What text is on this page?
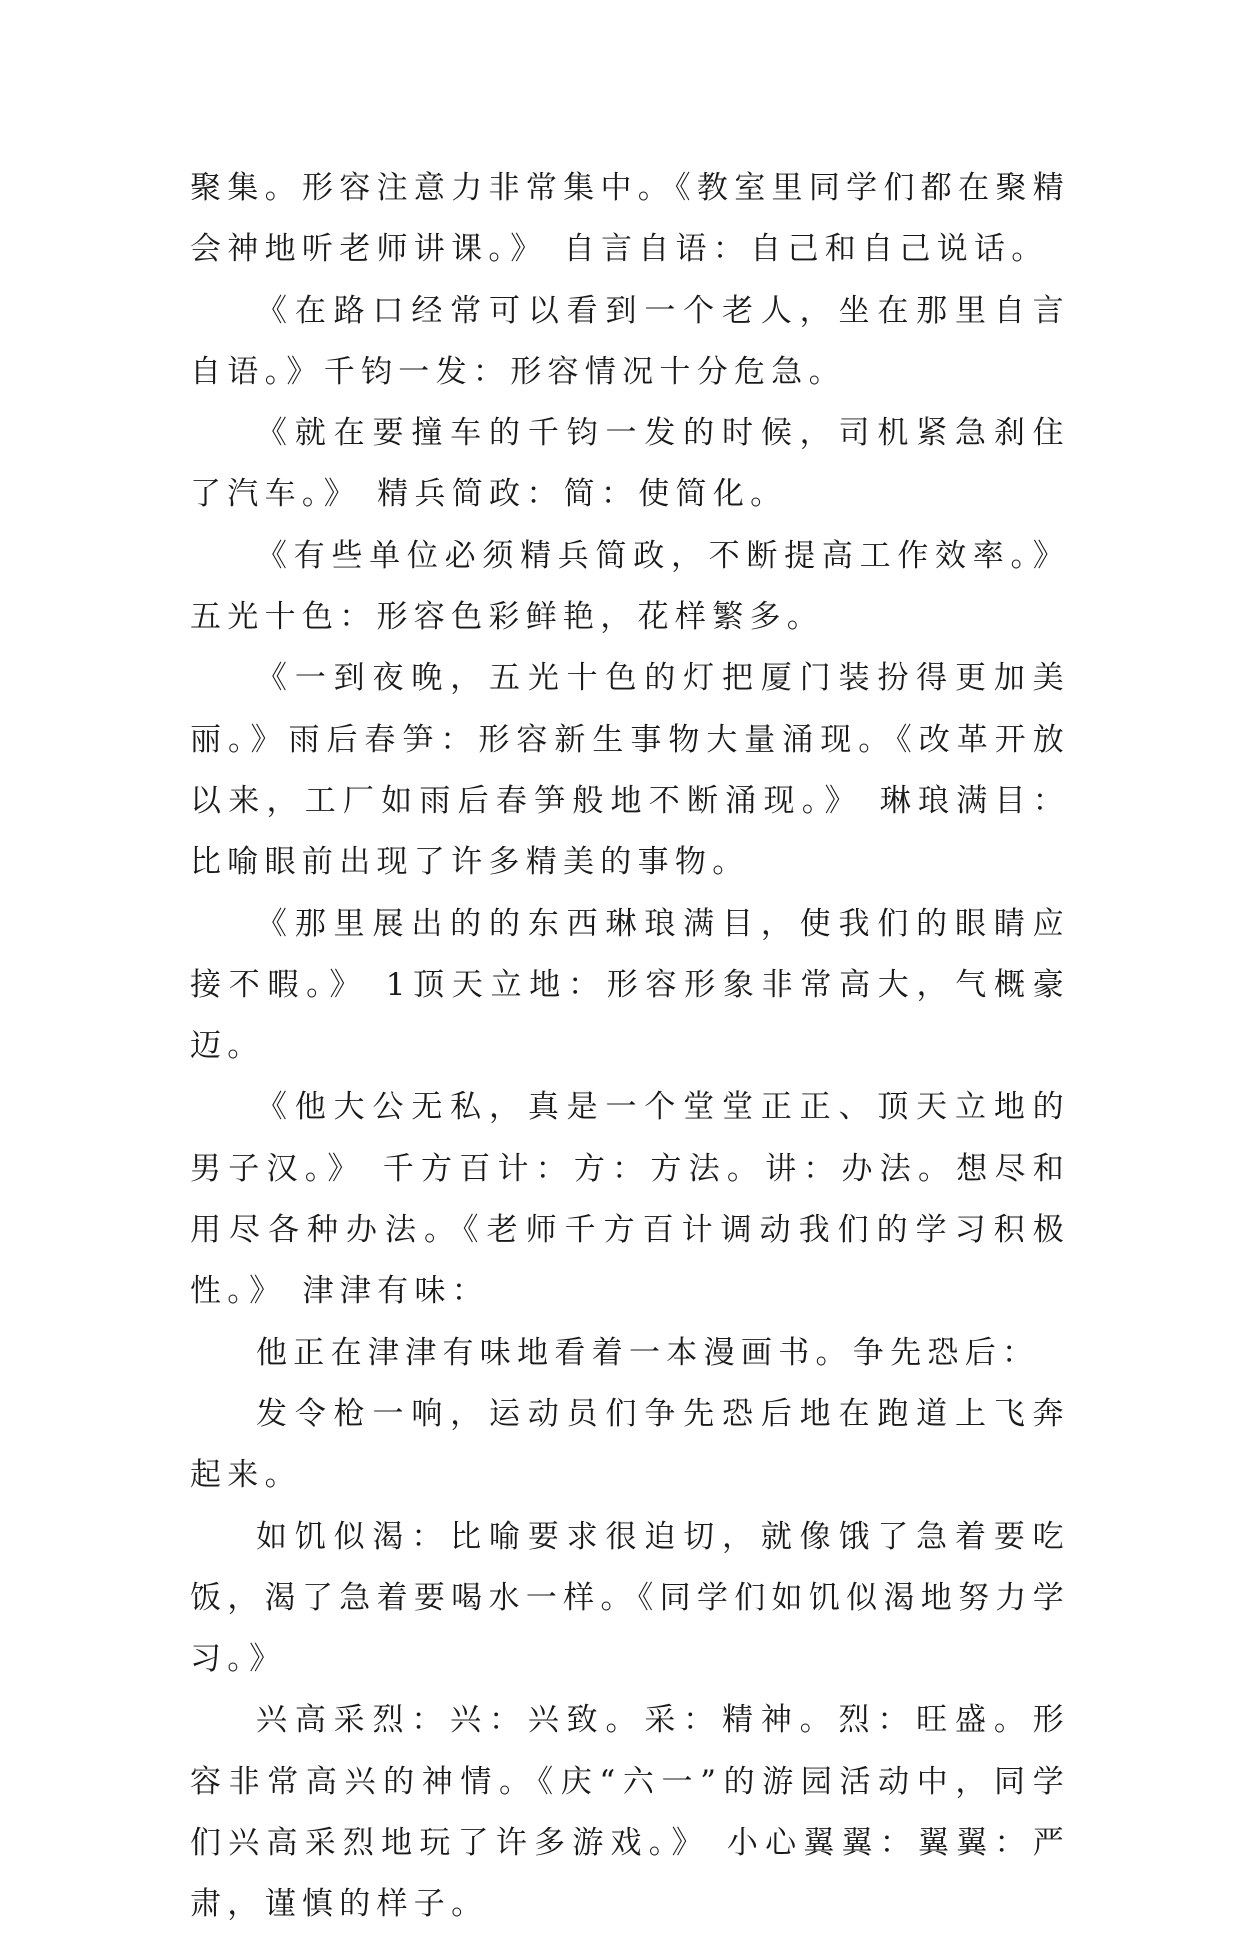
聚集。形容注意力非常集中。《教室里同学们都在聚精会神地听老师讲课。》 自言自语：自己和自己说话。

《在路口经常可以看到一个老人，坐在那里自言自语。》千钧一发：形容情况十分危急。

《就在要撞车的千钧一发的时候，司机紧急刹住了汽车。》 精兵简政：简：使简化。

《有些单位必须精兵简政，不断提高工作效率。》 五光十色：形容色彩鲜艳，花样繁多。

《一到夜晚，五光十色的灯把厦门装扮得更加美丽。》雨后春笋：形容新生事物大量涌现。《改革开放以来，工厂如雨后春笋般地不断涌现。》 琳琅满目：比喻眼前出现了许多精美的事物。

《那里展出的的东西琳琅满目，使我们的眼睛应接不暇。》 1顶天立地：形容形象非常高大，气概豪迈。

《他大公无私，真是一个堂堂正正、顶天立地的男子汉。》 千方百计：方：方法。讲：办法。想尽和用尽各种办法。《老师千方百计调动我们的学习积极性。》 津津有味：

他正在津津有味地看着一本漫画书。争先恐后：

发令枪一响，运动员们争先恐后地在跑道上飞奔起来。

如饥似渴：比喻要求很迫切，就像饿了急着要吃饭，渴了急着要喝水一样。《同学们如饥似渴地努力学习。》

兴高采烈：兴：兴致。采：精神。烈：旺盛。形容非常高兴的神情。《庆“六一”的游园活动中，同学们兴高采烈地玩了许多游戏。》 小心翼翼：翼翼：严肃，谨慎的样子。
